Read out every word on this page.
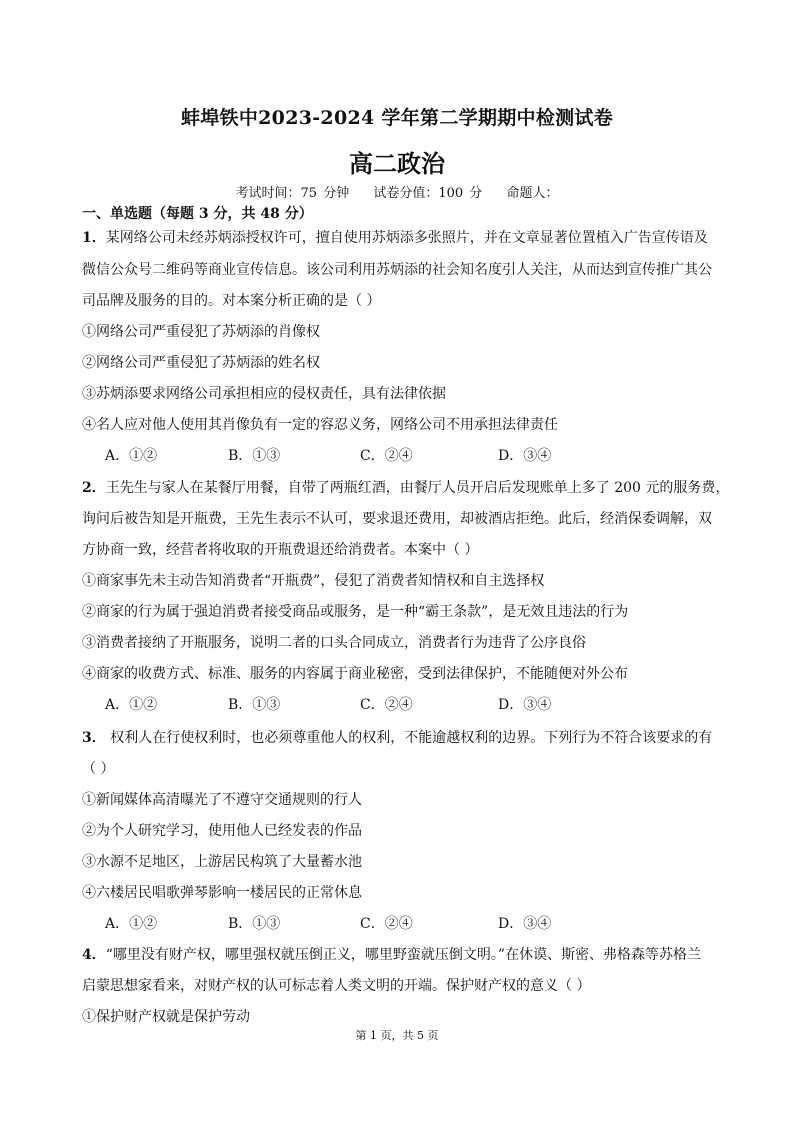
蚌埠铁中2023-2024 学年第二学期期中检测试卷
高二政治
考试时间：75 分钟 试卷分值：100 分 命题人：
一、单选题（每题 3 分，共 48 分）
1．某网络公司未经苏炳添授权许可，擅自使用苏炳添多张照片，并在文章显著位置植入广告宣传语及
微信公众号二维码等商业宣传信息。该公司利用苏炳添的社会知名度引人关注，从而达到宣传推广其公
司品牌及服务的目的。对本案分析正确的是（ ）
①网络公司严重侵犯了苏炳添的肖像权
②网络公司严重侵犯了苏炳添的姓名权
③苏炳添要求网络公司承担相应的侵权责任，具有法律依据
④名人应对他人使用其肖像负有一定的容忍义务，网络公司不用承担法律责任
A．①②	B．①③	C．②④	D．③④
2．王先生与家人在某餐厅用餐，自带了两瓶红酒，由餐厅人员开启后发现账单上多了 200 元的服务费，
询问后被告知是开瓶费，王先生表示不认可，要求退还费用，却被酒店拒绝。此后，经消保委调解，双
方协商一致，经营者将收取的开瓶费退还给消费者。本案中（ ）
①商家事先未主动告知消费者“开瓶费”，侵犯了消费者知情权和自主选择权
②商家的行为属于强迫消费者接受商品或服务，是一种“霸王条款”，是无效且违法的行为
③消费者接纳了开瓶服务，说明二者的口头合同成立，消费者行为违背了公序良俗
④商家的收费方式、标准、服务的内容属于商业秘密，受到法律保护，不能随便对外公布
A．①②	B．①③	C．②④	D．③④
3． 权利人在行使权利时，也必须尊重他人的权利，不能逾越权利的边界。下列行为不符合该要求的有
（ ）
①新闻媒体高清曝光了不遵守交通规则的行人
②为个人研究学习，使用他人已经发表的作品
③水源不足地区，上游居民构筑了大量蓄水池
④六楼居民唱歌弹琴影响一楼居民的正常休息
A．①②	B．①③	C．②④	D．③④
4．“哪里没有财产权，哪里强权就压倒正义，哪里野蛮就压倒文明。”在休谟、斯密、弗格森等苏格兰
启蒙思想家看来，对财产权的认可标志着人类文明的开端。保护财产权的意义（ ）
①保护财产权就是保护劳动
第 1 页，共 5 页
